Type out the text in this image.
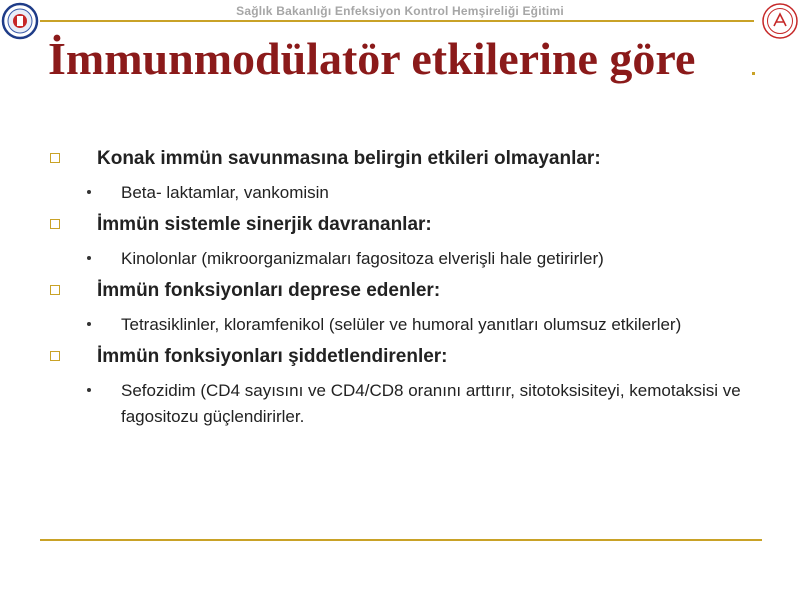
Sağlık Bakanlığı Enfeksiyon Kontrol Hemşireliği Eğitimi
İmmunmodülatör etkilerine göre
Konak immün savunmasına belirgin etkileri olmayanlar:
Beta- laktamlar, vankomisin
İmmün sistemle sinerjik davrananlar:
Kinolonlar (mikroorganizmaları fagositoza elverişli hale getirirler)
İmmün fonksiyonları deprese edenler:
Tetrasiklinler, kloramfenikol (selüler ve humoral yanıtları olumsuz etkilerler)
İmmün fonksiyonları şiddetlendirenler:
Sefozidim (CD4 sayısını ve CD4/CD8 oranını arttırır, sitotoksisiteyi, kemotaksisi ve fagositozu güçlendirirler.
